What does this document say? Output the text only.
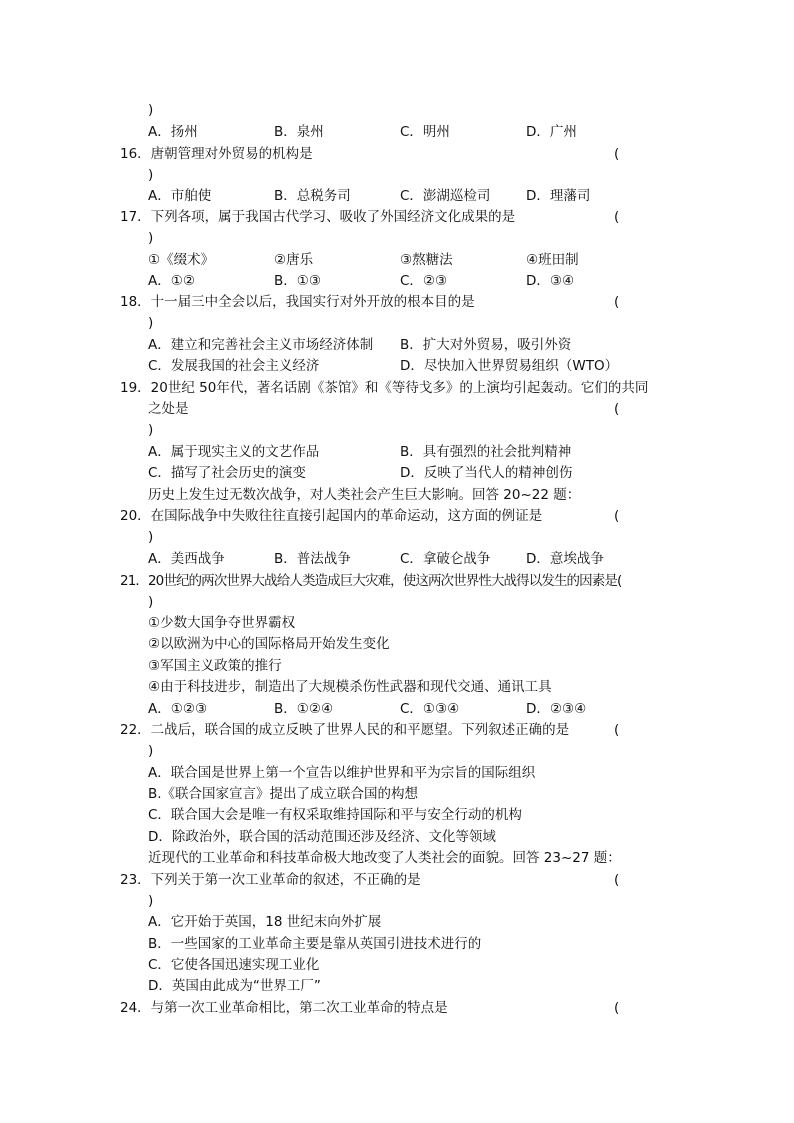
)
A．扬州	B．泉州	C．明州	D．广州
16．唐朝管理对外贸易的机构是	(
)
A．市舶使	B．总税务司	C．澎湖巡检司	D．理藩司
17．下列各项，属于我国古代学习、吸收了外国经济文化成果的是	(
)
①《缀术》	②唐乐	③熬糖法	④班田制
A．①②	B．①③	C．②③	D．③④
18．十一届三中全会以后，我国实行对外开放的根本目的是	(
)
A．建立和完善社会主义市场经济体制 B．扩大对外贸易，吸引外资
C．发展我国的社会主义经济	D．尽快加入世界贸易组织（WTO）
19．20世纪 50年代，著名话剧《茶馆》和《等待戈多》的上演均引起轰动。它们的共同
之处是	(
)
A．属于现实主义的文艺作品	B．具有强烈的社会批判精神
C．描写了社会历史的演变	D．反映了当代人的精神创伤
历史上发生过无数次战争，对人类社会产生巨大影响。回答 20~22 题：
20．在国际战争中失败往往直接引起国内的革命运动，这方面的例证是	(
)
A．美西战争	B．普法战争	C．拿破仑战争	D．意埃战争
21．20世纪的两次世界大战给人类造成巨大灾难，使这两次世界性大战得以发生的因素是(
)
①少数大国争夺世界霸权
②以欧洲为中心的国际格局开始发生变化
③军国主义政策的推行
④由于科技进步，制造出了大规模杀伤性武器和现代交通、通讯工具
A．①②③	B．①②④	C．①③④	D．②③④
22．二战后，联合国的成立反映了世界人民的和平愿望。下列叙述正确的是	(
)
A．联合国是世界上第一个宣告以维护世界和平为宗旨的国际组织
B.《联合国家宣言》提出了成立联合国的构想
C．联合国大会是唯一有权采取维持国际和平与安全行动的机构
D．除政治外，联合国的活动范围还涉及经济、文化等领域
近现代的工业革命和科技革命极大地改变了人类社会的面貌。回答 23~27 题：
23．下列关于第一次工业革命的叙述，不正确的是	(
)
A．它开始于英国，18 世纪末向外扩展
B．一些国家的工业革命主要是靠从英国引进技术进行的
C．它使各国迅速实现工业化
D．英国由此成为“世界工厂”
24．与第一次工业革命相比，第二次工业革命的特点是	(
